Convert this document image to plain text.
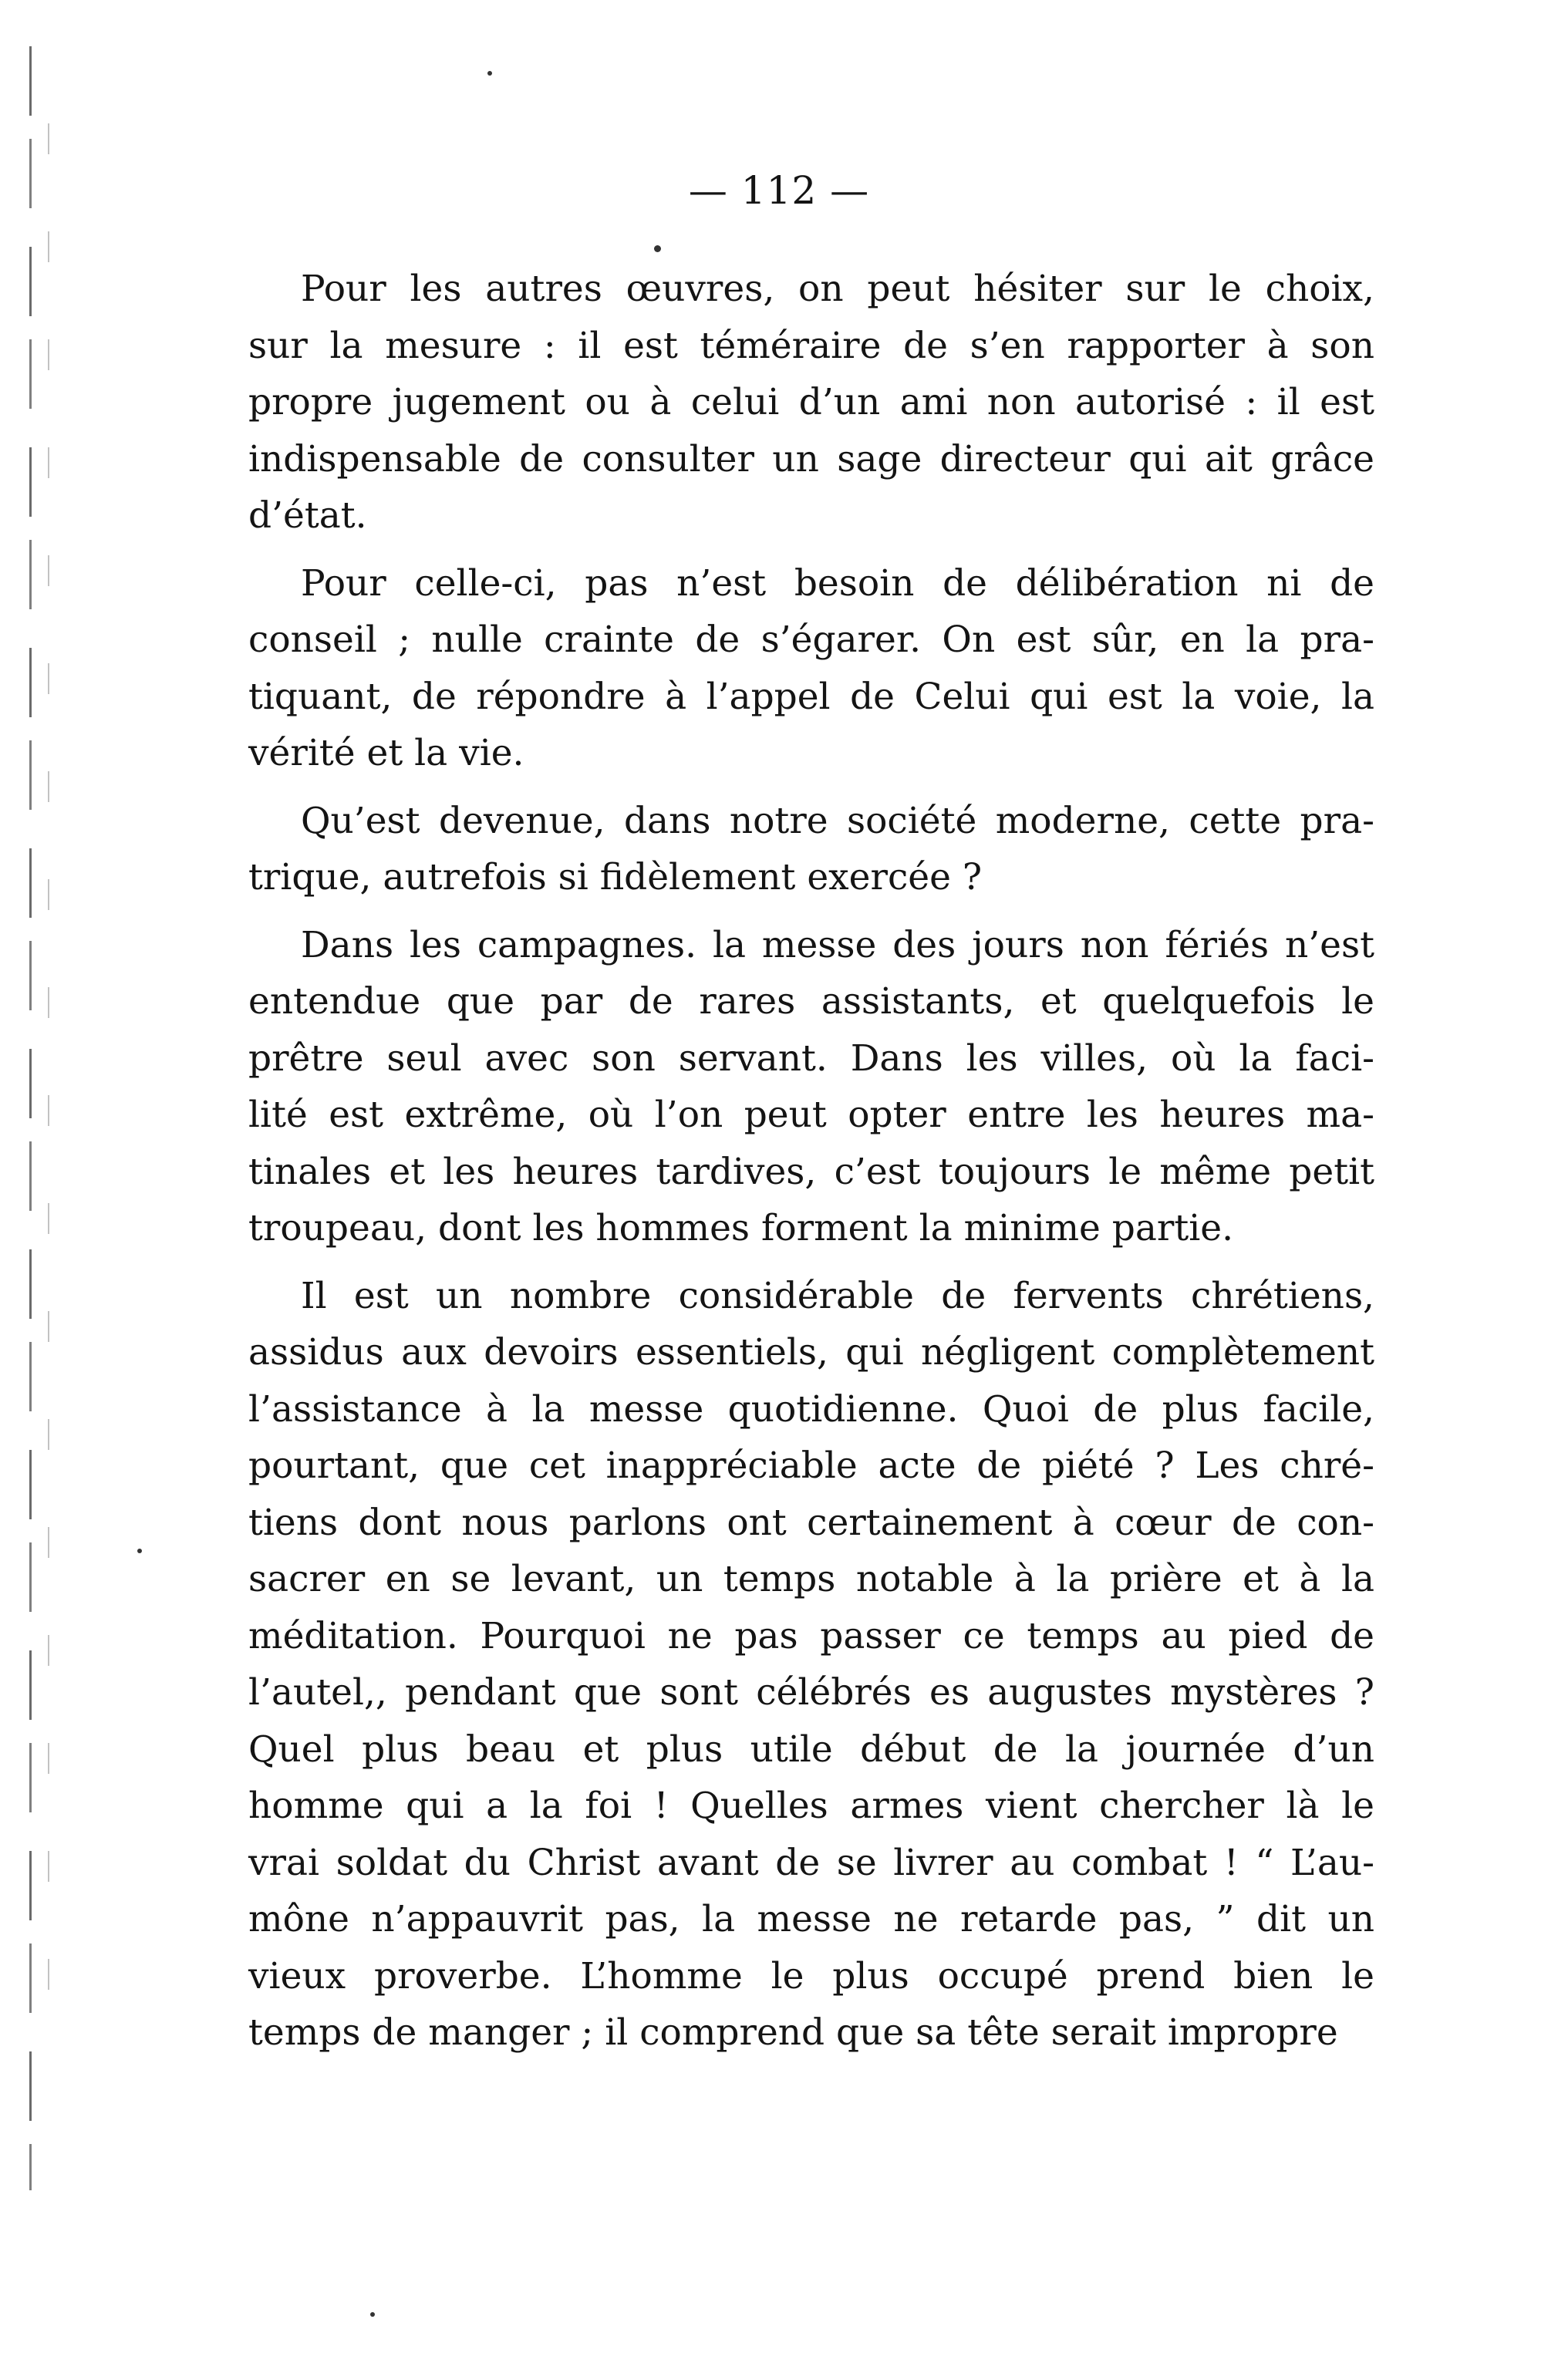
— 112 —
Pour les autres œuvres, on peut hésiter sur le choix,
sur la mesure : il est téméraire de s’en rapporter à son
propre jugement ou à celui d’un ami non autorisé : il est
indispensable de consulter un sage directeur qui ait grâce
d’état.
Pour celle-ci, pas n’est besoin de délibération ni de
conseil ; nulle crainte de s’égarer. On est sûr, en la pra-
tiquant, de répondre à l’appel de Celui qui est la voie, la
vérité et la vie.
Qu’est devenue, dans notre société moderne, cette pra-
trique, autrefois si fidèlement exercée ?
Dans les campagnes. la messe des jours non fériés n’est
entendue que par de rares assistants, et quelquefois le
prêtre seul avec son servant. Dans les villes, où la faci-
lité est extrême, où l’on peut opter entre les heures ma-
tinales et les heures tardives, c’est toujours le même petit
troupeau, dont les hommes forment la minime partie.
Il est un nombre considérable de fervents chrétiens,
assidus aux devoirs essentiels, qui négligent complètement
l’assistance à la messe quotidienne. Quoi de plus facile,
pourtant, que cet inappréciable acte de piété ? Les chré-
tiens dont nous parlons ont certainement à cœur de con-
sacrer en se levant, un temps notable à la prière et à la
méditation. Pourquoi ne pas passer ce temps au pied de
l’autel,, pendant que sont célébrés es augustes mystères ?
Quel plus beau et plus utile début de la journée d’un
homme qui a la foi ! Quelles armes vient chercher là le
vrai soldat du Christ avant de se livrer au combat ! “ L’au-
mône n’appauvrit pas, la messe ne retarde pas, ” dit un
vieux proverbe. L’homme le plus occupé prend bien le
temps de manger ; il comprend que sa tête serait impropre
